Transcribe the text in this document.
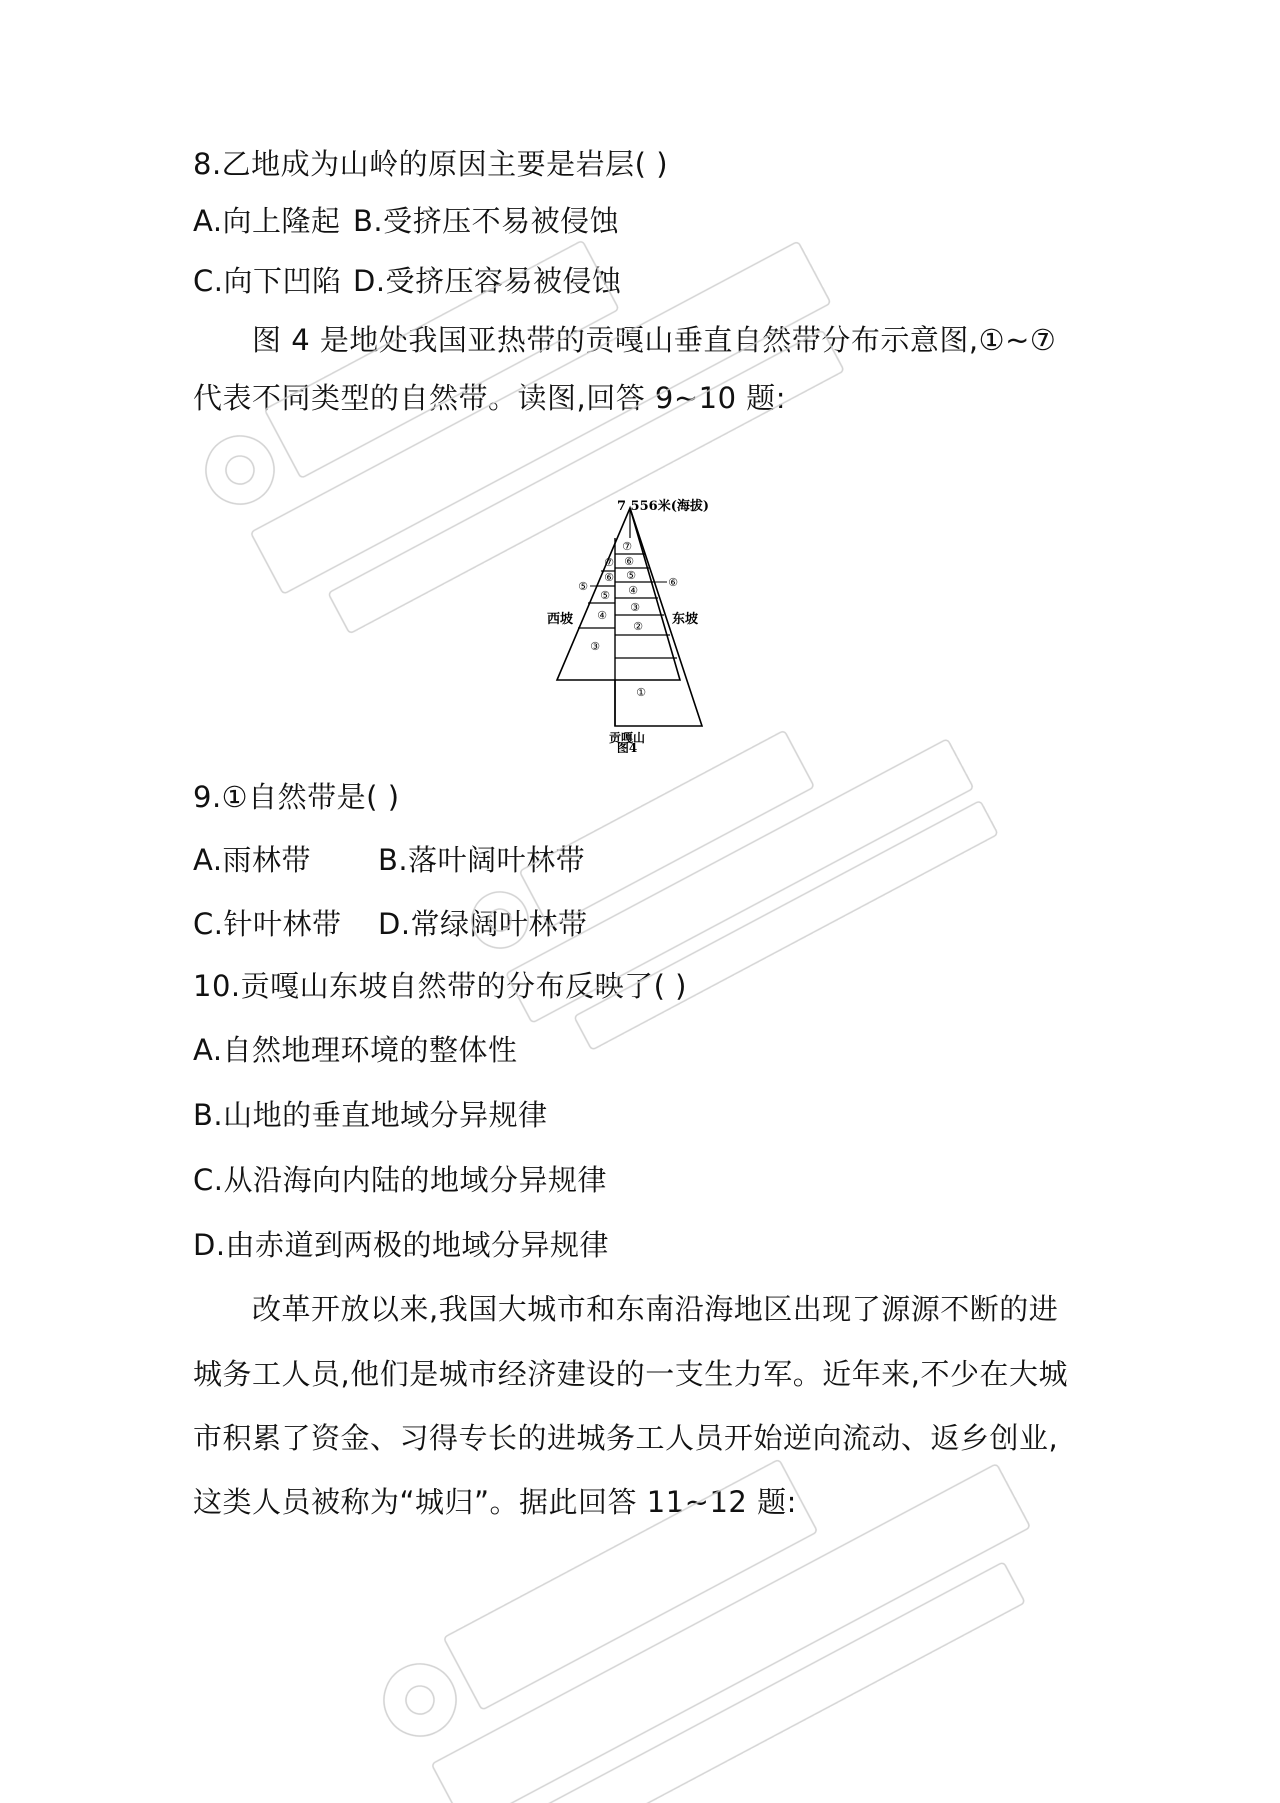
8.乙地成为山岭的原因主要是岩层( )
A.向上隆起 B.受挤压不易被侵蚀
C.向下凹陷 D.受挤压容易被侵蚀
图 4 是地处我国亚热带的贡嘎山垂直自然带分布示意图,①~⑦
代表不同类型的自然带。读图,回答 9~10 题:
7 556米(海拔)
西坡	东坡
贡嘎山
图4
⑦
⑥
⑤
⑤
④
③
⑦
⑥
⑤
④
③
②
①
⑥
9.①自然带是( )
A.雨林带 B.落叶阔叶林带
C.针叶林带 D.常绿阔叶林带
10.贡嘎山东坡自然带的分布反映了( )
A.自然地理环境的整体性
B.山地的垂直地域分异规律
C.从沿海向内陆的地域分异规律
D.由赤道到两极的地域分异规律
改革开放以来,我国大城市和东南沿海地区出现了源源不断的进
城务工人员,他们是城市经济建设的一支生力军。近年来,不少在大城
市积累了资金、习得专长的进城务工人员开始逆向流动、返乡创业,
这类人员被称为“城归”。据此回答 11~12 题:
